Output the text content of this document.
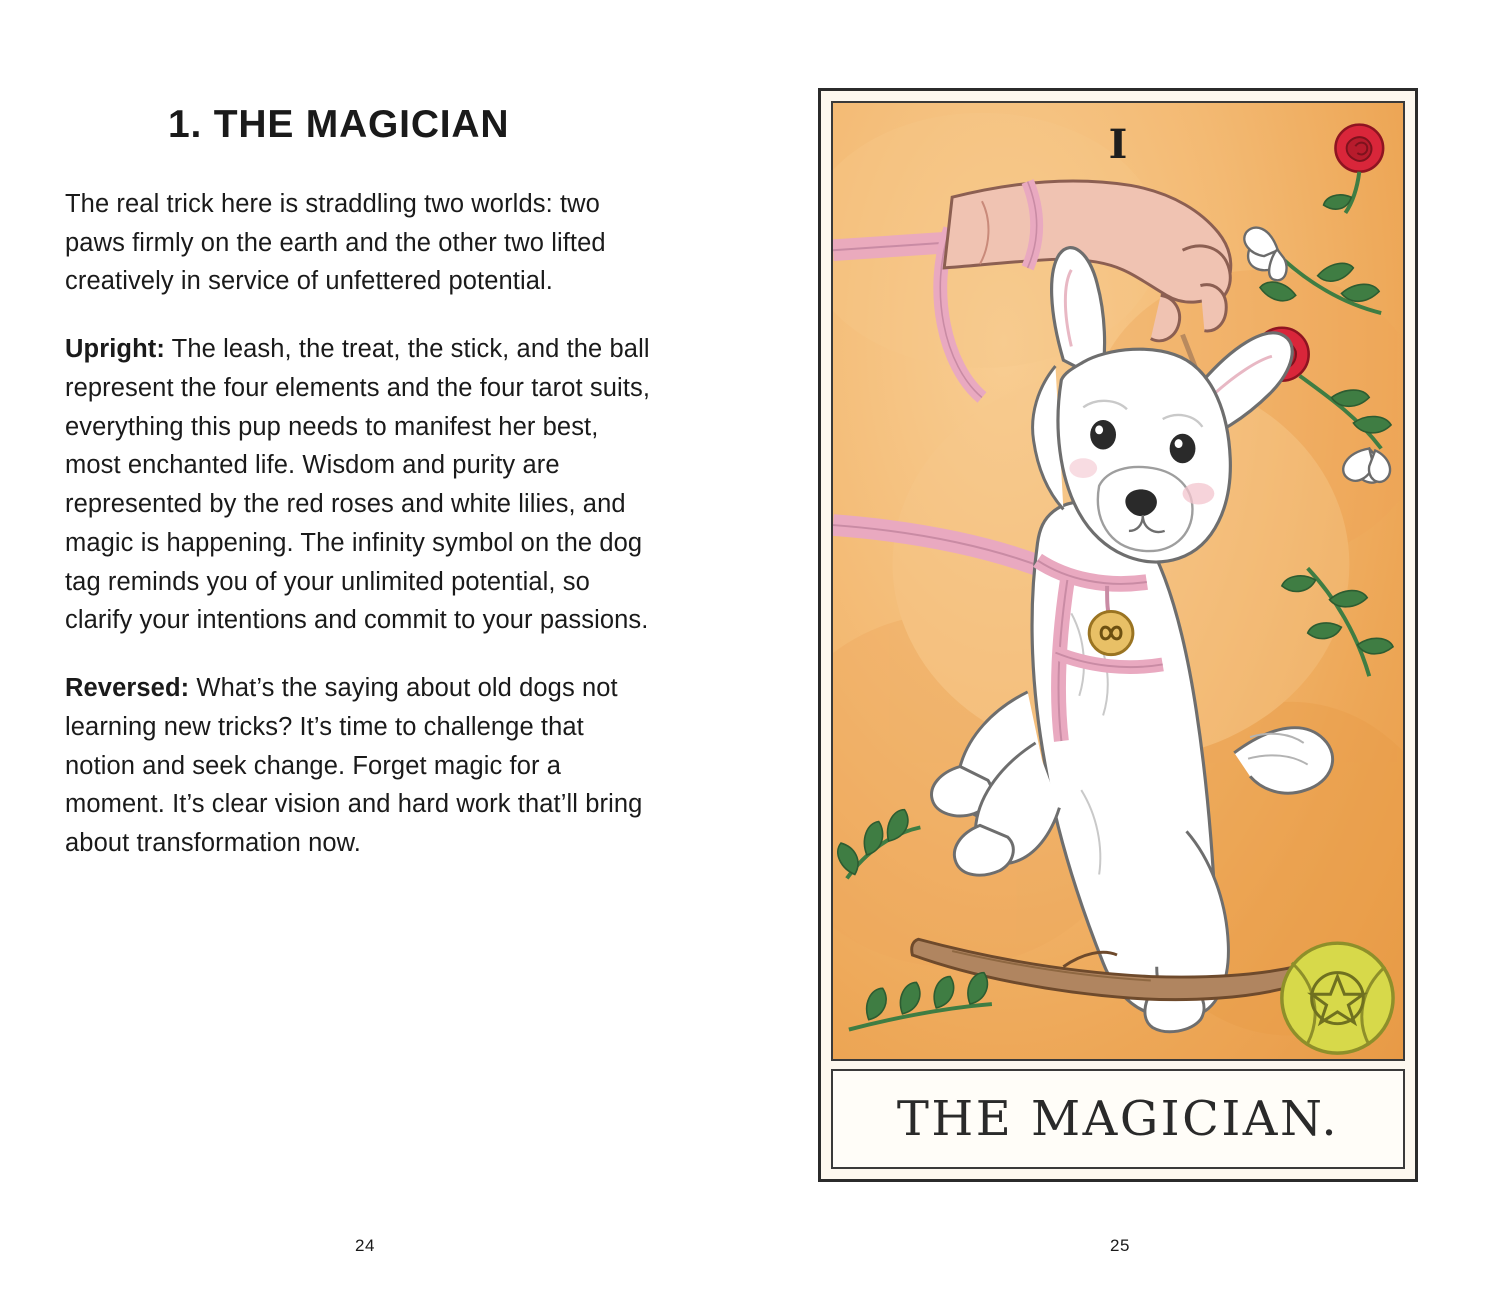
1. THE MAGICIAN

The real trick here is straddling two worlds: two paws firmly on the earth and the other two lifted creatively in service of unfettered potential.

Upright: The leash, the treat, the stick, and the ball represent the four elements and the four tarot suits, everything this pup needs to manifest her best, most enchanted life. Wisdom and purity are represented by the red roses and white lilies, and magic is happening. The infinity symbol on the dog tag reminds you of your unlimited potential, so clarify your intentions and commit to your passions.

Reversed: What’s the saying about old dogs not learning new tricks? It’s time to challenge that notion and seek change. Forget magic for a moment. It’s clear vision and hard work that’ll bring about transformation now.

I
THE MAGICIAN.
24	25
